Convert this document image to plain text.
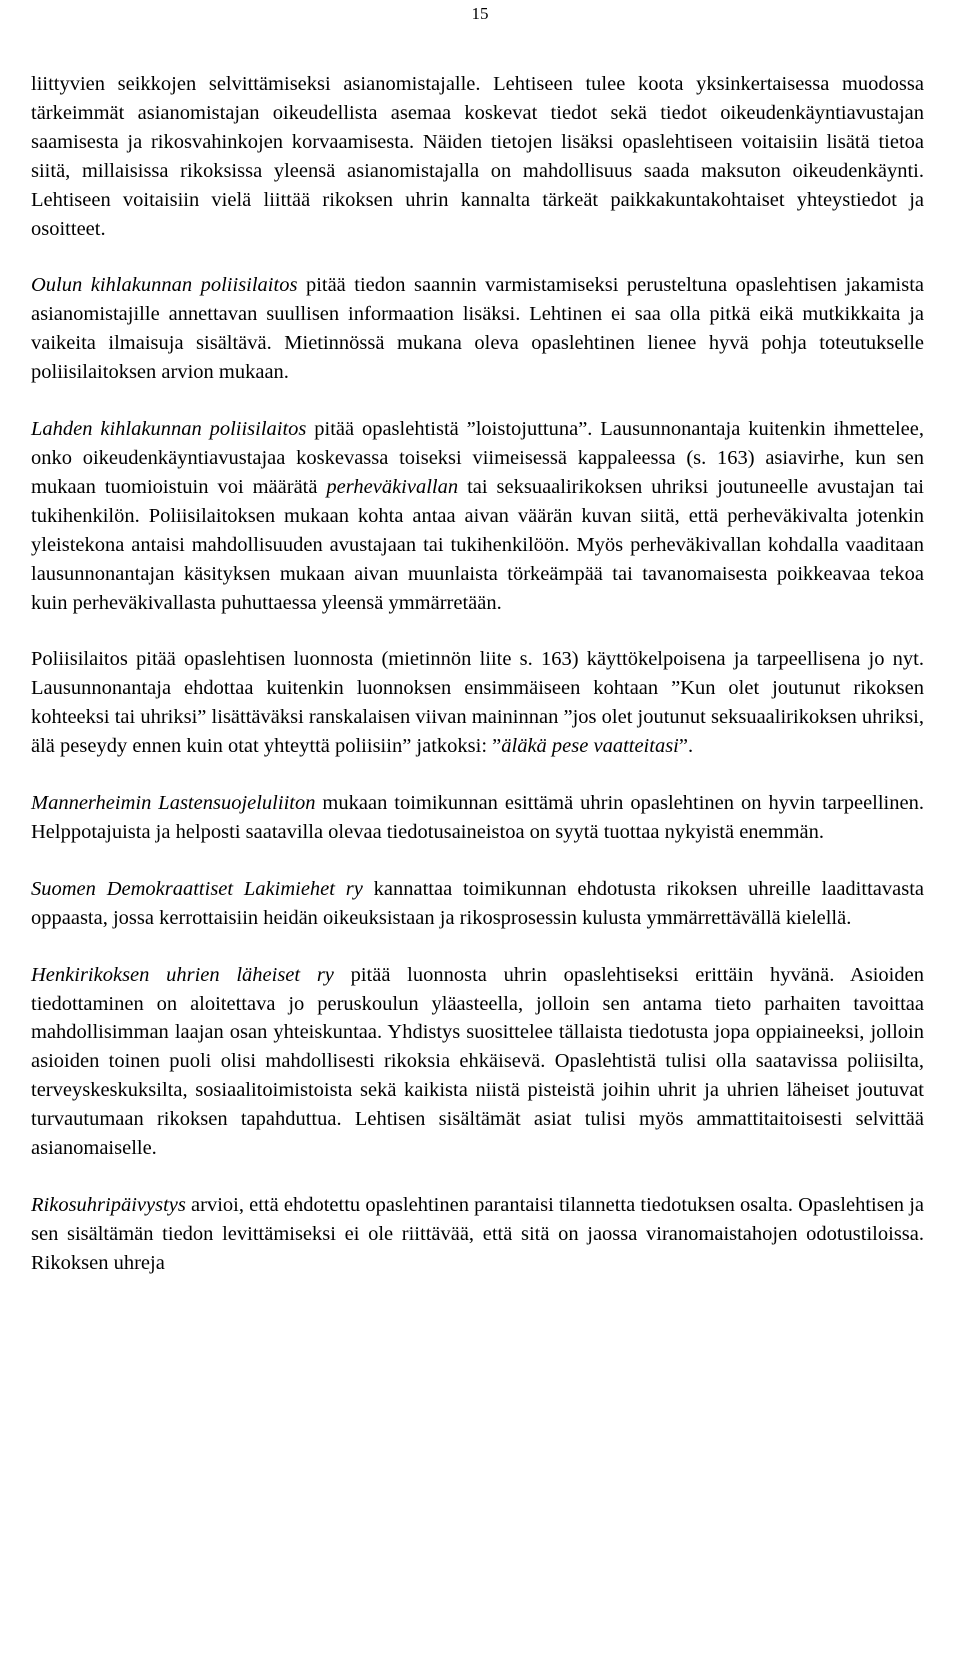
15

liittyvien seikkojen selvittämiseksi asianomistajalle. Lehtiseen tulee koota yksinkertaisessa muodossa tärkeimmät asianomistajan oikeudellista asemaa koskevat tiedot sekä tiedot oikeudenkäyntiavustajan saamisesta ja rikosvahinkojen korvaamisesta. Näiden tietojen lisäksi opaslehtiseen voitaisiin lisätä tietoa siitä, millaisissa rikoksissa yleensä asianomistajalla on mahdollisuus saada maksuton oikeudenkäynti. Lehtiseen voitaisiin vielä liittää rikoksen uhrin kannalta tärkeät paikkakuntakohtaiset yhteystiedot ja osoitteet.

Oulun kihlakunnan poliisilaitos pitää tiedon saannin varmistamiseksi perusteltuna opaslehtisen jakamista asianomistajille annettavan suullisen informaation lisäksi. Lehtinen ei saa olla pitkä eikä mutkikkaita ja vaikeita ilmaisuja sisältävä. Mietinnössä mukana oleva opaslehtinen lienee hyvä pohja toteutukselle poliisilaitoksen arvion mukaan.

Lahden kihlakunnan poliisilaitos pitää opaslehtistä ”loistojuttuna”. Lausunnonantaja kuitenkin ihmettelee, onko oikeudenkäyntiavustajaa koskevassa toiseksi viimeisessä kappaleessa (s. 163) asiavirhe, kun sen mukaan tuomioistuin voi määrätä perheväkivallan tai seksuaalirikoksen uhriksi joutuneelle avustajan tai tukihenkilön. Poliisilaitoksen mukaan kohta antaa aivan väärän kuvan siitä, että perheväkivalta jotenkin yleistekona antaisi mahdollisuuden avustajaan tai tukihenkilöön. Myös perheväkivallan kohdalla vaaditaan lausunnonantajan käsityksen mukaan aivan muunlaista törkeämpää tai tavanomaisesta poikkeavaa tekoa kuin perheväkivallasta puhuttaessa yleensä ymmärretään.

Poliisilaitos pitää opaslehtisen luonnosta (mietinnön liite s. 163) käyttökelpoisena ja tarpeellisena jo nyt. Lausunnonantaja ehdottaa kuitenkin luonnoksen ensimmäiseen kohtaan ”Kun olet joutunut rikoksen kohteeksi tai uhriksi” lisättäväksi ranskalaisen viivan maininnan ”jos olet joutunut seksuaalirikoksen uhriksi, älä peseydy ennen kuin otat yhteyttä poliisiin” jatkoksi: ”äläkä pese vaatteitasi”.

Mannerheimin Lastensuojeluliiton mukaan toimikunnan esittämä uhrin opaslehtinen on hyvin tarpeellinen. Helppotajuista ja helposti saatavilla olevaa tiedotusaineistoa on syytä tuottaa nykyistä enemmän.

Suomen Demokraattiset Lakimiehet ry kannattaa toimikunnan ehdotusta rikoksen uhreille laadittavasta oppaasta, jossa kerrottaisiin heidän oikeuksistaan ja rikosprosessin kulusta ymmärrettävällä kielellä.

Henkirikoksen uhrien läheiset ry pitää luonnosta uhrin opaslehtiseksi erittäin hyvänä. Asioiden tiedottaminen on aloitettava jo peruskoulun yläasteella, jolloin sen antama tieto parhaiten tavoittaa mahdollisimman laajan osan yhteiskuntaa. Yhdistys suosittelee tällaista tiedotusta jopa oppiaineeksi, jolloin asioiden toinen puoli olisi mahdollisesti rikoksia ehkäisevä. Opaslehtistä tulisi olla saatavissa poliisilta, terveyskeskuksilta, sosiaalitoimistoista sekä kaikista niistä pisteistä joihin uhrit ja uhrien läheiset joutuvat turvautumaan rikoksen tapahduttua. Lehtisen sisältämät asiat tulisi myös ammattitaitoisesti selvittää asianomaiselle.

Rikosuhripäivystys arvioi, että ehdotettu opaslehtinen parantaisi tilannetta tiedotuksen osalta. Opaslehtisen ja sen sisältämän tiedon levittämiseksi ei ole riittävää, että sitä on jaossa viranomaistahojen odotustiloissa. Rikoksen uhreja
